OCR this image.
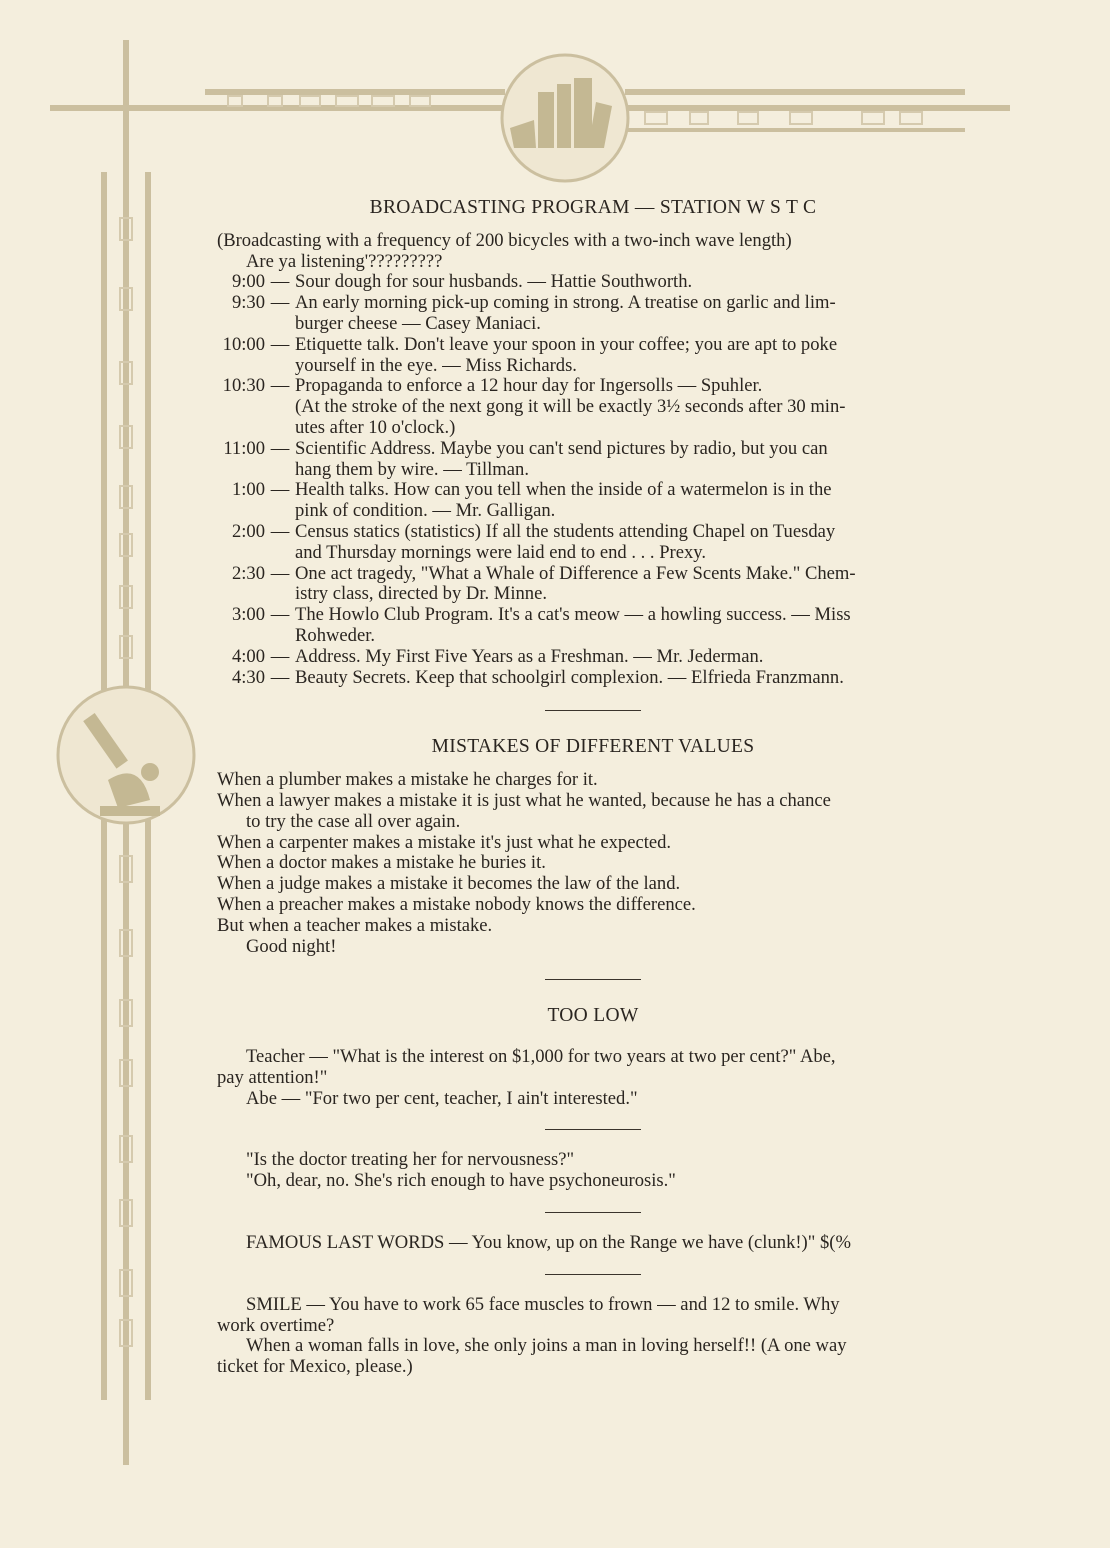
BROADCASTING PROGRAM — STATION W S T C

(Broadcasting with a frequency of 200 bicycles with a two-inch wave length)

Are ya listening'?????????

9:00 — Sour dough for sour husbands. — Hattie Southworth.
9:30 — An early morning pick-up coming in strong. A treatise on garlic and lim-
burger cheese — Casey Maniaci.
10:00 — Etiquette talk. Don't leave your spoon in your coffee; you are apt to poke
yourself in the eye. — Miss Richards.
10:30 — Propaganda to enforce a 12 hour day for Ingersolls — Spuhler.
(At the stroke of the next gong it will be exactly 3½ seconds after 30 min-
utes after 10 o'clock.)
11:00 — Scientific Address. Maybe you can't send pictures by radio, but you can
hang them by wire. — Tillman.
1:00 — Health talks. How can you tell when the inside of a watermelon is in the
pink of condition. — Mr. Galligan.
2:00 — Census statics (statistics) If all the students attending Chapel on Tuesday
and Thursday mornings were laid end to end . . . Prexy.
2:30 — One act tragedy, "What a Whale of Difference a Few Scents Make." Chem-
istry class, directed by Dr. Minne.
3:00 — The Howlo Club Program. It's a cat's meow — a howling success. — Miss
Rohweder.
4:00 — Address. My First Five Years as a Freshman. — Mr. Jederman.
4:30 — Beauty Secrets. Keep that schoolgirl complexion. — Elfrieda Franzmann.
MISTAKES OF DIFFERENT VALUES

When a plumber makes a mistake he charges for it.

When a lawyer makes a mistake it is just what he wanted, because he has a chance

to try the case all over again.

When a carpenter makes a mistake it's just what he expected.

When a doctor makes a mistake he buries it.

When a judge makes a mistake it becomes the law of the land.

When a preacher makes a mistake nobody knows the difference.

But when a teacher makes a mistake.

Good night!

TOO LOW

Teacher — "What is the interest on $1,000 for two years at two per cent?" Abe,

pay attention!"

Abe — "For two per cent, teacher, I ain't interested."

"Is the doctor treating her for nervousness?"

"Oh, dear, no. She's rich enough to have psychoneurosis."

FAMOUS LAST WORDS — You know, up on the Range we have (clunk!)" $(%

SMILE — You have to work 65 face muscles to frown — and 12 to smile. Why

work overtime?

When a woman falls in love, she only joins a man in loving herself!! (A one way

ticket for Mexico, please.)
